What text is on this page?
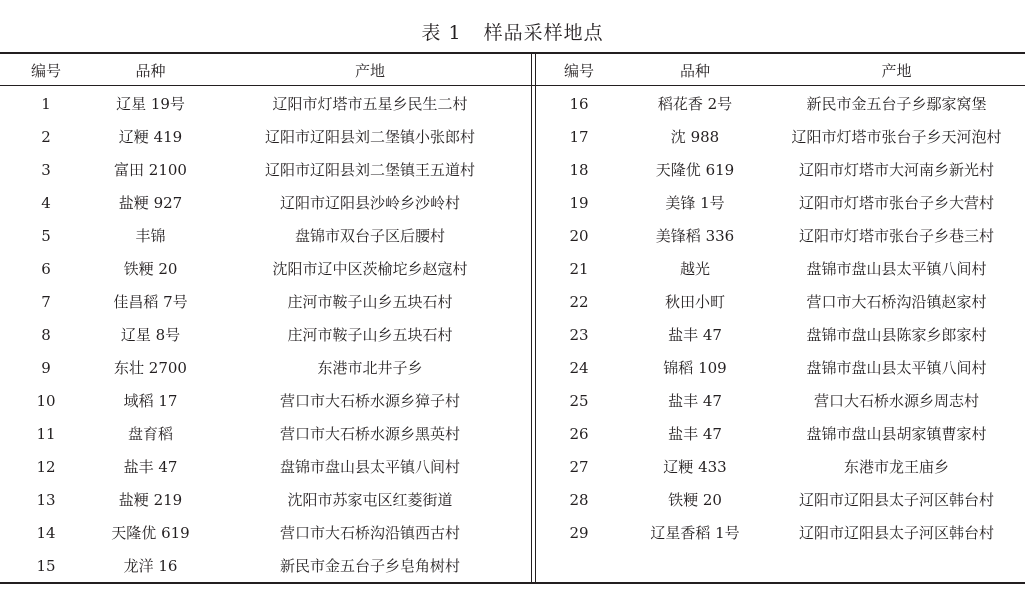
表 1 样品采样地点
编号	品种	产地
1	辽星 19号	辽阳市灯塔市五星乡民生二村
2	辽粳 419	辽阳市辽阳县刘二堡镇小张郎村
3	富田 2100	辽阳市辽阳县刘二堡镇王五道村
4	盐粳 927	辽阳市辽阳县沙岭乡沙岭村
5	丰锦	盘锦市双台子区后腰村
6	铁粳 20	沈阳市辽中区茨榆坨乡赵寇村
7	佳昌稻 7号	庄河市鞍子山乡五块石村
8	辽星 8号	庄河市鞍子山乡五块石村
9	东壮 2700	东港市北井子乡
10	域稻 17	营口市大石桥水源乡獐子村
11	盘育稻	营口市大石桥水源乡黑英村
12	盐丰 47	盘锦市盘山县太平镇八间村
13	盐粳 219	沈阳市苏家屯区红菱街道
14	天隆优 619	营口市大石桥沟沿镇西古村
15	龙洋 16	新民市金五台子乡皂角树村
编号	品种	产地
16	稻花香 2号	新民市金五台子乡鄢家窝堡
17	沈 988	辽阳市灯塔市张台子乡天河泡村
18	天隆优 619	辽阳市灯塔市大河南乡新光村
19	美锋 1号	辽阳市灯塔市张台子乡大营村
20	美锋稻 336	辽阳市灯塔市张台子乡巷三村
21	越光	盘锦市盘山县太平镇八间村
22	秋田小町	营口市大石桥沟沿镇赵家村
23	盐丰 47	盘锦市盘山县陈家乡郎家村
24	锦稻 109	盘锦市盘山县太平镇八间村
25	盐丰 47	营口大石桥水源乡周志村
26	盐丰 47	盘锦市盘山县胡家镇曹家村
27	辽粳 433	东港市龙王庙乡
28	铁粳 20	辽阳市辽阳县太子河区韩台村
29	辽星香稻 1号	辽阳市辽阳县太子河区韩台村
